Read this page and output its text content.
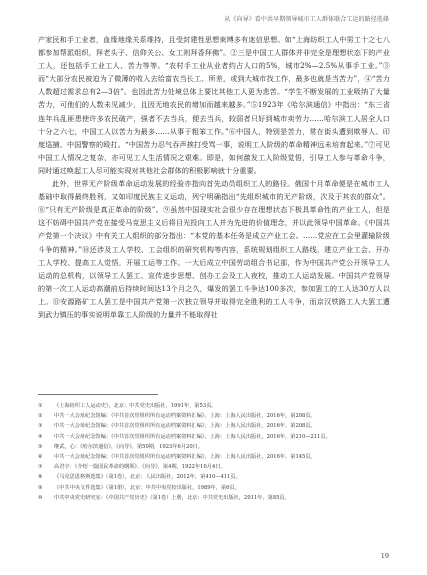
从《向导》看中共早期领导城市工人群体联合工运的路径选择

产家民和手工业者，血缘地缘关系维持，且受封建性思想束缚多有迷信思想。如“上海纺织工人中男工十之七八都参加帮派组织，拜老头子、信仰关公、女工则拜香拜佛”。②三是中国工人群体并非完全是理想状态下的产业工人，还包括手工业工人、苦力等等。“农村手工业从业者约占人口的5%，城市2%—2.5%从事手工业。”③而“大部分农民被迫为了微薄的收入去给富农当长工、所差，或到大城市找工作，最多也就是当苦力”，④“苦力人数超过需求总有2—3倍”。也因此苦力处境总体上要比其他工人更为悲苦。“学生不断发展的工业吸纳了大量苦力，可他们的人数未见减少，且因无地农民的增加而越来越多。”⑤1923年《哈尔滨通信》中指出：“东三省连年兵乱匪患使许多农民破产，强者不去当兵，便去当兵，较弱者只好到城市卖劳力……哈尔滨工人居全人口十分之六七，中国工人以苦力为最多……从事于粗笨工作。”⑥中国人，特别是苦力，常在街头遭到欺辱人、印度巡捕、中国警察的殴打。“中国苦力忍气吞声挨打受骂一事，说明工人阶级的革命精神远未培育起来。”⑦可见中国工人情况之复杂，亦可见工人生活情况之艰难。即是，如何激发工人阶级觉悟，引导工人参与革命斗争，同时通过唤起工人尽可能实现对其他社会群体的积极影响就十分重要。

此外，世界无产阶级革命运动发展的经验亦指向首先动员组织工人的路径。俄国十月革命便是在城市工人基础中取得最终胜利，又如印度民族主义运动，列宁明确指出“先组织城市的无产阶级，次及于其农的群众”。⑧“只有无产阶级是真正革命的阶级”。⑨虽然中国现实社会很少存在理想状态下极具革命性的产业工人，但是这不妨碍中国共产党在接受马克思主义后将目光投向工人并为先进的价值理念，并以此领导中国革命。《中国共产党第一个决议》中有关工人组织的部分指出：“本党的基本任务是成立产业工会。……党应在工会里灌输阶级斗争的精神。”⑩还涉及工人学校、工会组织的研究机构等内容，系统规划组织工人路线，建立产业工会、开办工人学校、提高工人觉悟，开展工运等工作。一大后成立中国劳动组合书记部，作为中国共产党公开领导工人运动的总机构，以领导工人罢工、宣传进步思想、创办工会及工人夜校，推动工人运动发展。中国共产党领导的第一次工人运动高潮前后持续时间达13个月之久，爆发的罢工斗争达100多次，参加罢工的工人达30万人以上。⑪安源路矿工人罢工是中国共产党第一次独立领导并取得完全胜利的工人斗争，而京汉铁路工人大罢工遭到武力镇压的事实说明单靠工人阶级的力量并不能取得社

①	《上海纺织工人运动史》，北京：中共党史出版社，1991年，第53页。
②	中共一大会址纪念馆编：《中共首次党组织所有运动档案资料汇编》，上海：上海人民出版社，2016年，第208页。
③	中共一大会址纪念馆编：《中共首次党组织所有运动档案资料汇编》，上海：上海人民出版社，2016年，第208页。
④	中共一大会址纪念馆编：《中共首次党组织所有运动档案资料汇编》，上海：上海人民出版社，2016年，第210—211页。
⑤	继武，心：《哈尔滨通信》，《向导》，第50期，1923年6月20日。
⑥	中共一大会址纪念馆编：《中共首次党组织所有运动档案资料汇编》，上海：上海人民出版社，2016年，第145页。
⑦	高君宇：《介绍一篇国民革命的纲领》，《向导》，第4期，1922年10月4日。
⑧	《马克思恩格斯选集》（第1卷），北京：人民出版社，2012年，第410—411页。
⑨	《中共中央文件选集》（第1册），北京：中共中央党校出版社，1989年，第6页。
⑩	中共中央党史研究室：《中国共产党历史》（第1卷）上册，北京：中共党史出版社，2011年，第85页。
19
